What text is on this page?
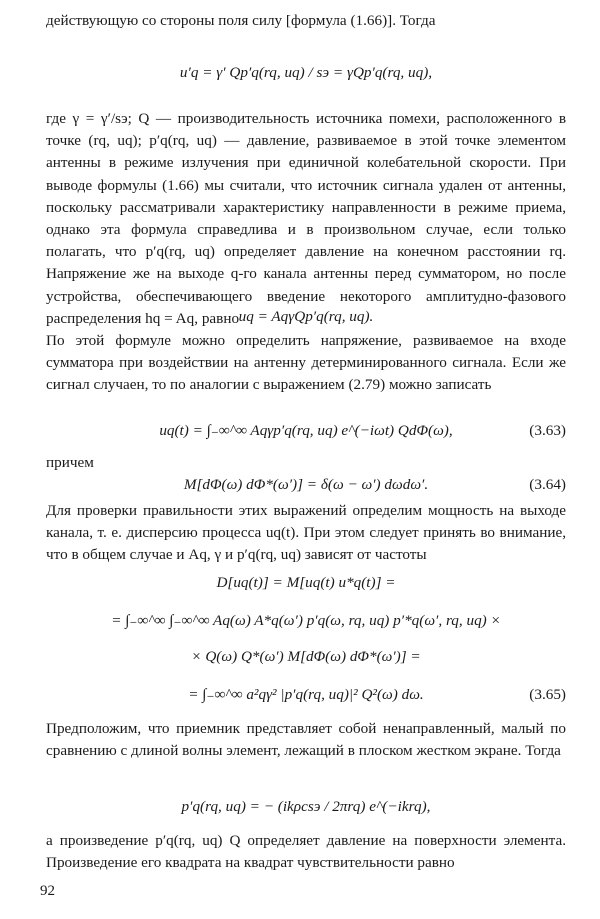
действующую со стороны поля силу [формула (1.66)]. Тогда

u′q = γ′ Qp′q(rq, uq) / sэ = γQp′q(rq, uq),

где γ = γ′/sэ; Q — производительность источника помехи, расположенного в точке (rq, uq); p′q(rq, uq) — давление, развиваемое в этой точке элементом антенны в режиме излучения при единичной колебательной скорости. При выводе формулы (1.66) мы считали, что источник сигнала удален от антенны, поскольку рассматривали характеристику направленности в режиме приема, однако эта формула справедлива и в произвольном случае, если только полагать, что p′q(rq, uq) определяет давление на конечном расстоянии rq. Напряжение же на выходе q-го канала антенны перед сумматором, но после устройства, обеспечивающего введение некоторого амплитудно-фазового распределения hq = Aq, равно uq = AqγQp′q(rq, uq).

По этой формуле можно определить напряжение, развиваемое на входе сумматора при воздействии на антенну детерминированного сигнала. Если же сигнал случаен, то по аналогии с выражением (2.79) можно записать

uq(t) = ∫₋∞^∞ Aqγp′q(rq, uq) e^(−iωt) QdΦ(ω),	(3.63)

причем

M[dΦ(ω) dΦ*(ω′)] = δ(ω − ω′) dωdω′.	(3.64)

Для проверки правильности этих выражений определим мощность на выходе канала, т. е. дисперсию процесса uq(t). При этом следует принять во внимание, что в общем случае и Aq, γ и p′q(rq, uq) зависят от частоты

D[uq(t)] = M[uq(t) u*q(t)] =
= ∫₋∞^∞ ∫₋∞^∞ Aq(ω) A*q(ω′) p′q(ω, rq, uq) p′*q(ω′, rq, uq) ×
× Q(ω) Q*(ω′) M[dΦ(ω) dΦ*(ω′)] =
= ∫₋∞^∞ a²qγ² |p′q(rq, uq)|² Q²(ω) dω.	(3.65)

Предположим, что приемник представляет собой ненаправленный, малый по сравнению с длиной волны элемент, лежащий в плоском жестком экране. Тогда

p′q(rq, uq) = − (ikρcsэ / 2πrq) e^(−ikrq),

а произведение p′q(rq, uq) Q определяет давление на поверхности элемента. Произведение его квадрата на квадрат чувствительности равно

92
